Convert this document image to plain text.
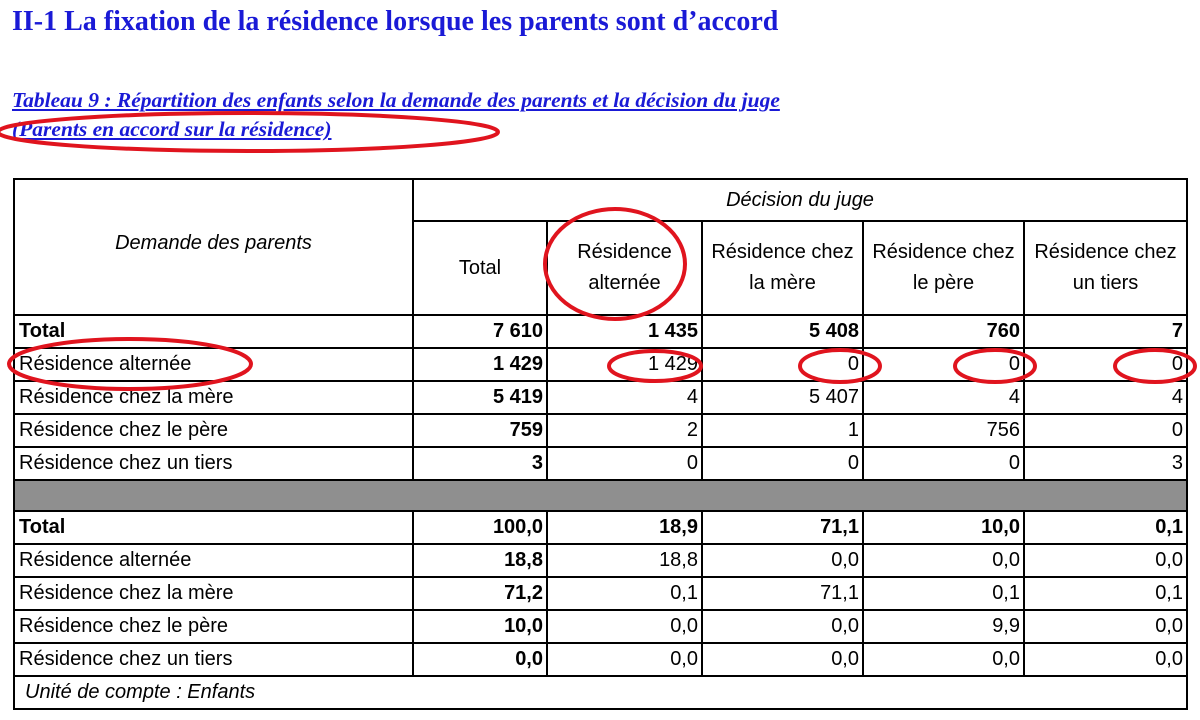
II-1 La fixation de la résidence lorsque les parents sont d’accord
Tableau 9 : Répartition des enfants selon la demande des parents et la décision du juge
(Parents en accord sur la résidence)
Demande des parents	Décision du juge				
	Total	Résidence alternée	Résidence chez la mère	Résidence chez le père	Résidence chez un tiers
Total	7 610	1 435	5 408	760	7
Résidence alternée	1 429	1 429	0	0	0
Résidence chez la mère	5 419	4	5 407	4	4
Résidence chez le père	759	2	1	756	0
Résidence chez un tiers	3	0	0	0	3

Total	100,0	18,9	71,1	10,0	0,1
Résidence alternée	18,8	18,8	0,0	0,0	0,0
Résidence chez la mère	71,2	0,1	71,1	0,1	0,1
Résidence chez le père	10,0	0,0	0,0	9,9	0,0
Résidence chez un tiers	0,0	0,0	0,0	0,0	0,0
Unité de compte : Enfants					
